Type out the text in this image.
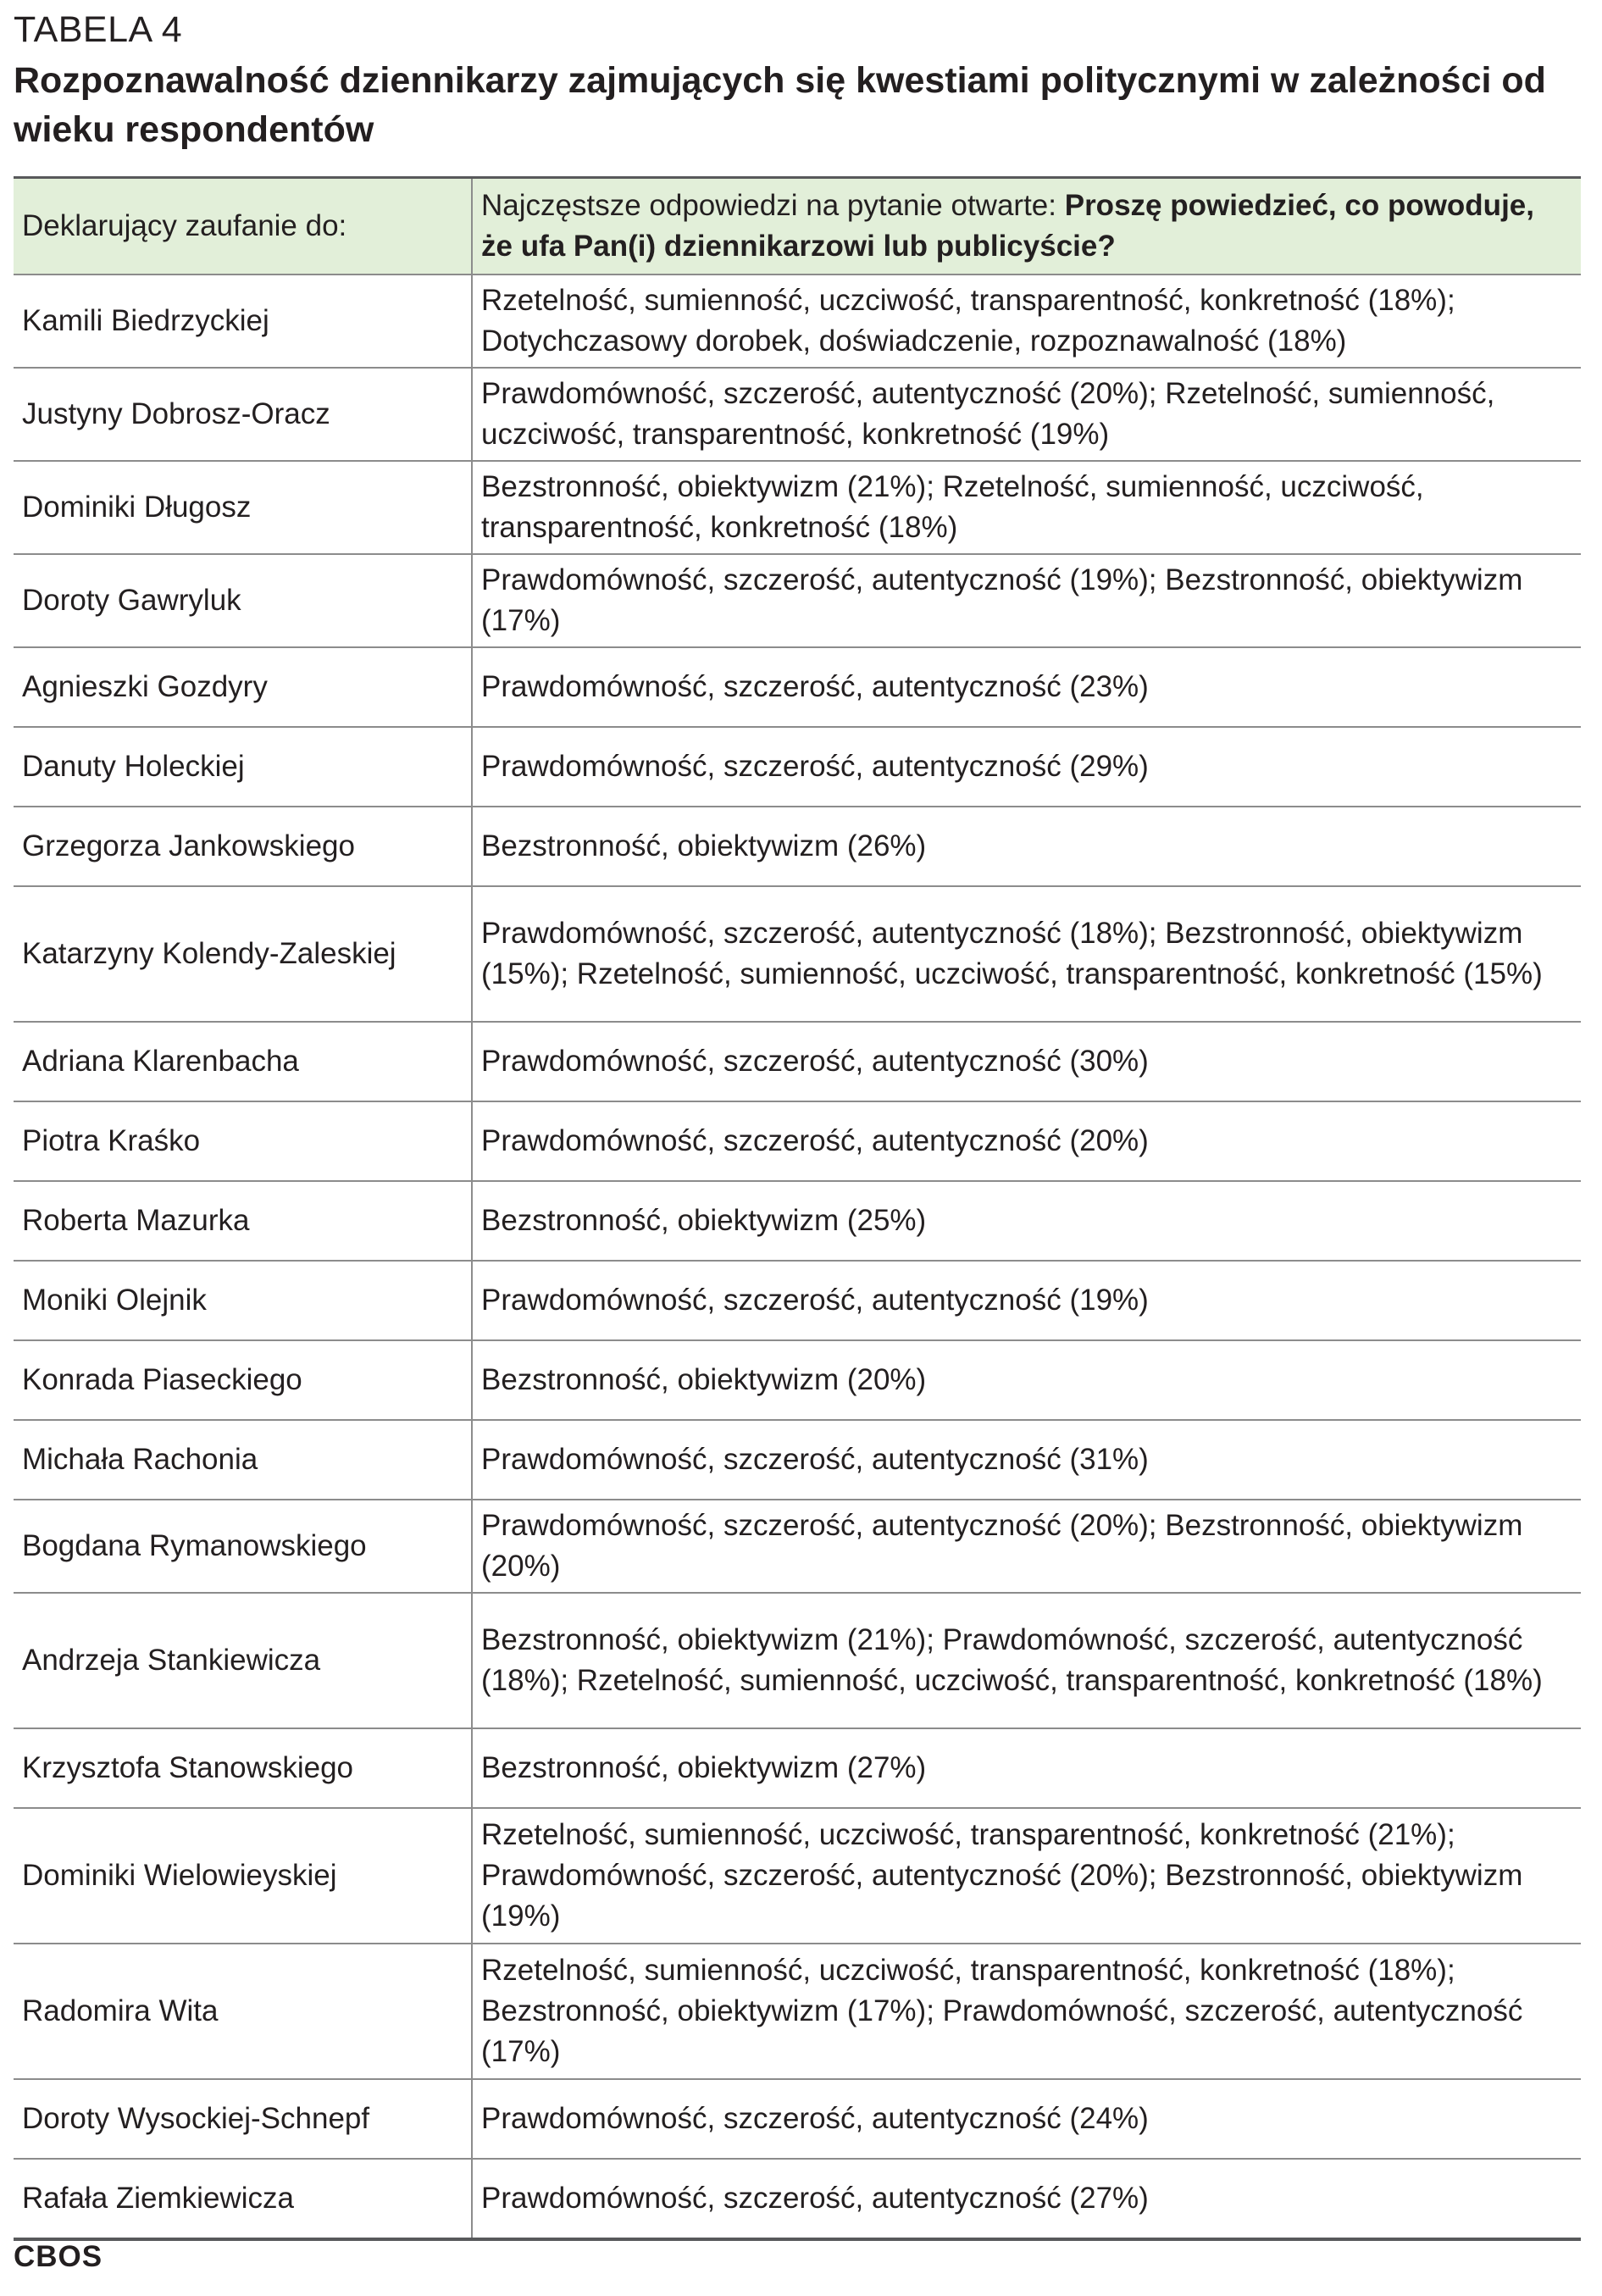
TABELA 4
Rozpoznawalność dziennikarzy zajmujących się kwestiami politycznymi w zależności od wieku respondentów
Deklarujący zaufanie do:	Najczęstsze odpowiedzi na pytanie otwarte: Proszę powiedzieć, co powoduje, że ufa Pan(i) dziennikarzowi lub publicyście?
Kamili Biedrzyckiej	Rzetelność, sumienność, uczciwość, transparentność, konkretność (18%); Dotychczasowy dorobek, doświadczenie, rozpoznawalność (18%)
Justyny Dobrosz-Oracz	Prawdomówność, szczerość, autentyczność (20%); Rzetelność, sumienność, uczciwość, transparentność, konkretność (19%)
Dominiki Długosz	Bezstronność, obiektywizm (21%); Rzetelność, sumienność, uczciwość, transparentność, konkretność (18%)
Doroty Gawryluk	Prawdomówność, szczerość, autentyczność (19%); Bezstronność, obiektywizm (17%)
Agnieszki Gozdyry	Prawdomówność, szczerość, autentyczność (23%)
Danuty Holeckiej	Prawdomówność, szczerość, autentyczność (29%)
Grzegorza Jankowskiego	Bezstronność, obiektywizm (26%)
Katarzyny Kolendy-Zaleskiej	Prawdomówność, szczerość, autentyczność (18%); Bezstronność, obiektywizm (15%); Rzetelność, sumienność, uczciwość, transparentność, konkretność (15%)
Adriana Klarenbacha	Prawdomówność, szczerość, autentyczność (30%)
Piotra Kraśko	Prawdomówność, szczerość, autentyczność (20%)
Roberta Mazurka	Bezstronność, obiektywizm (25%)
Moniki Olejnik	Prawdomówność, szczerość, autentyczność (19%)
Konrada Piaseckiego	Bezstronność, obiektywizm (20%)
Michała Rachonia	Prawdomówność, szczerość, autentyczność (31%)
Bogdana Rymanowskiego	Prawdomówność, szczerość, autentyczność (20%); Bezstronność, obiektywizm (20%)
Andrzeja Stankiewicza	Bezstronność, obiektywizm (21%); Prawdomówność, szczerość, autentyczność (18%); Rzetelność, sumienność, uczciwość, transparentność, konkretność (18%)
Krzysztofa Stanowskiego	Bezstronność, obiektywizm (27%)
Dominiki Wielowieyskiej	Rzetelność, sumienność, uczciwość, transparentność, konkretność (21%); Prawdomówność, szczerość, autentyczność (20%); Bezstronność, obiektywizm (19%)
Radomira Wita	Rzetelność, sumienność, uczciwość, transparentność, konkretność (18%); Bezstronność, obiektywizm (17%); Prawdomówność, szczerość, autentyczność (17%)
Doroty Wysockiej-Schnepf	Prawdomówność, szczerość, autentyczność (24%)
Rafała Ziemkiewicza	Prawdomówność, szczerość, autentyczność (27%)
CBOS
